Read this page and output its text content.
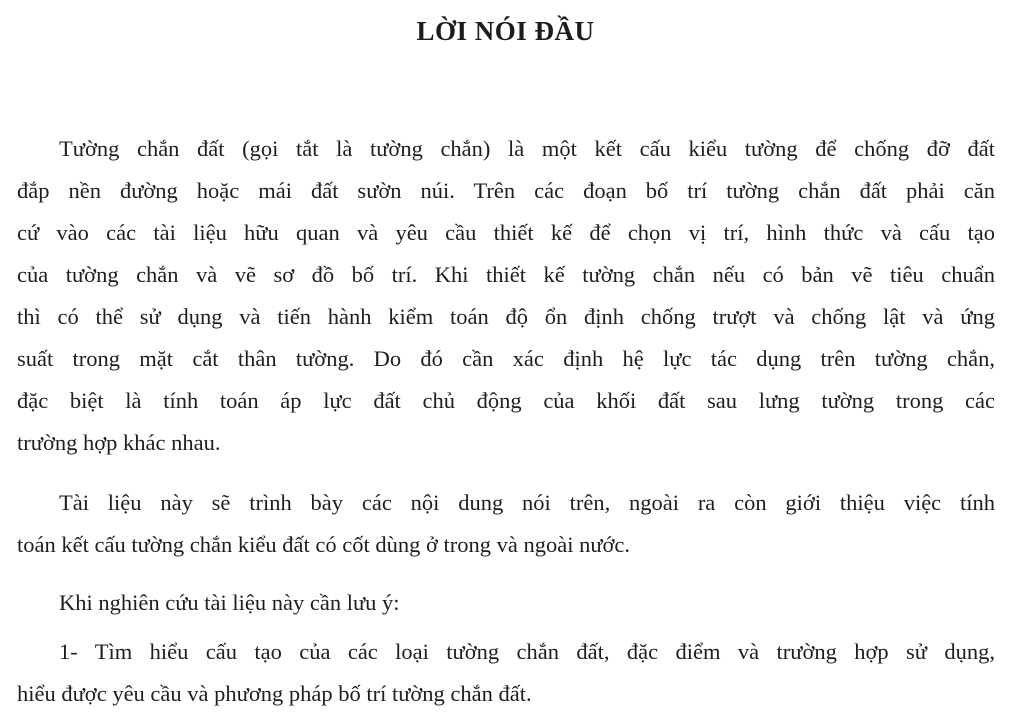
LỜI NÓI ĐẦU
Tường chắn đất (gọi tắt là tường chắn) là một kết cấu kiểu tường để chống đỡ đất
đắp nền đường hoặc mái đất sườn núi. Trên các đoạn bố trí tường chắn đất phải căn
cứ vào các tài liệu hữu quan và yêu cầu thiết kế để chọn vị trí, hình thức và cấu tạo
của tường chắn và vẽ sơ đồ bố trí. Khi thiết kế tường chắn nếu có bản vẽ tiêu chuẩn
thì có thể sử dụng và tiến hành kiểm toán độ ổn định chống trượt và chống lật và ứng
suất trong mặt cắt thân tường. Do đó cần xác định hệ lực tác dụng trên tường chắn,
đặc biệt là tính toán áp lực đất chủ động của khối đất sau lưng tường trong các
trường hợp khác nhau.
Tài liệu này sẽ trình bày các nội dung nói trên, ngoài ra còn giới thiệu việc tính
toán kết cấu tường chắn kiểu đất có cốt dùng ở trong và ngoài nước.
Khi nghiên cứu tài liệu này cần lưu ý:
1- Tìm hiểu cấu tạo của các loại tường chắn đất, đặc điểm và trường hợp sử dụng,
hiểu được yêu cầu và phương pháp bố trí tường chắn đất.
